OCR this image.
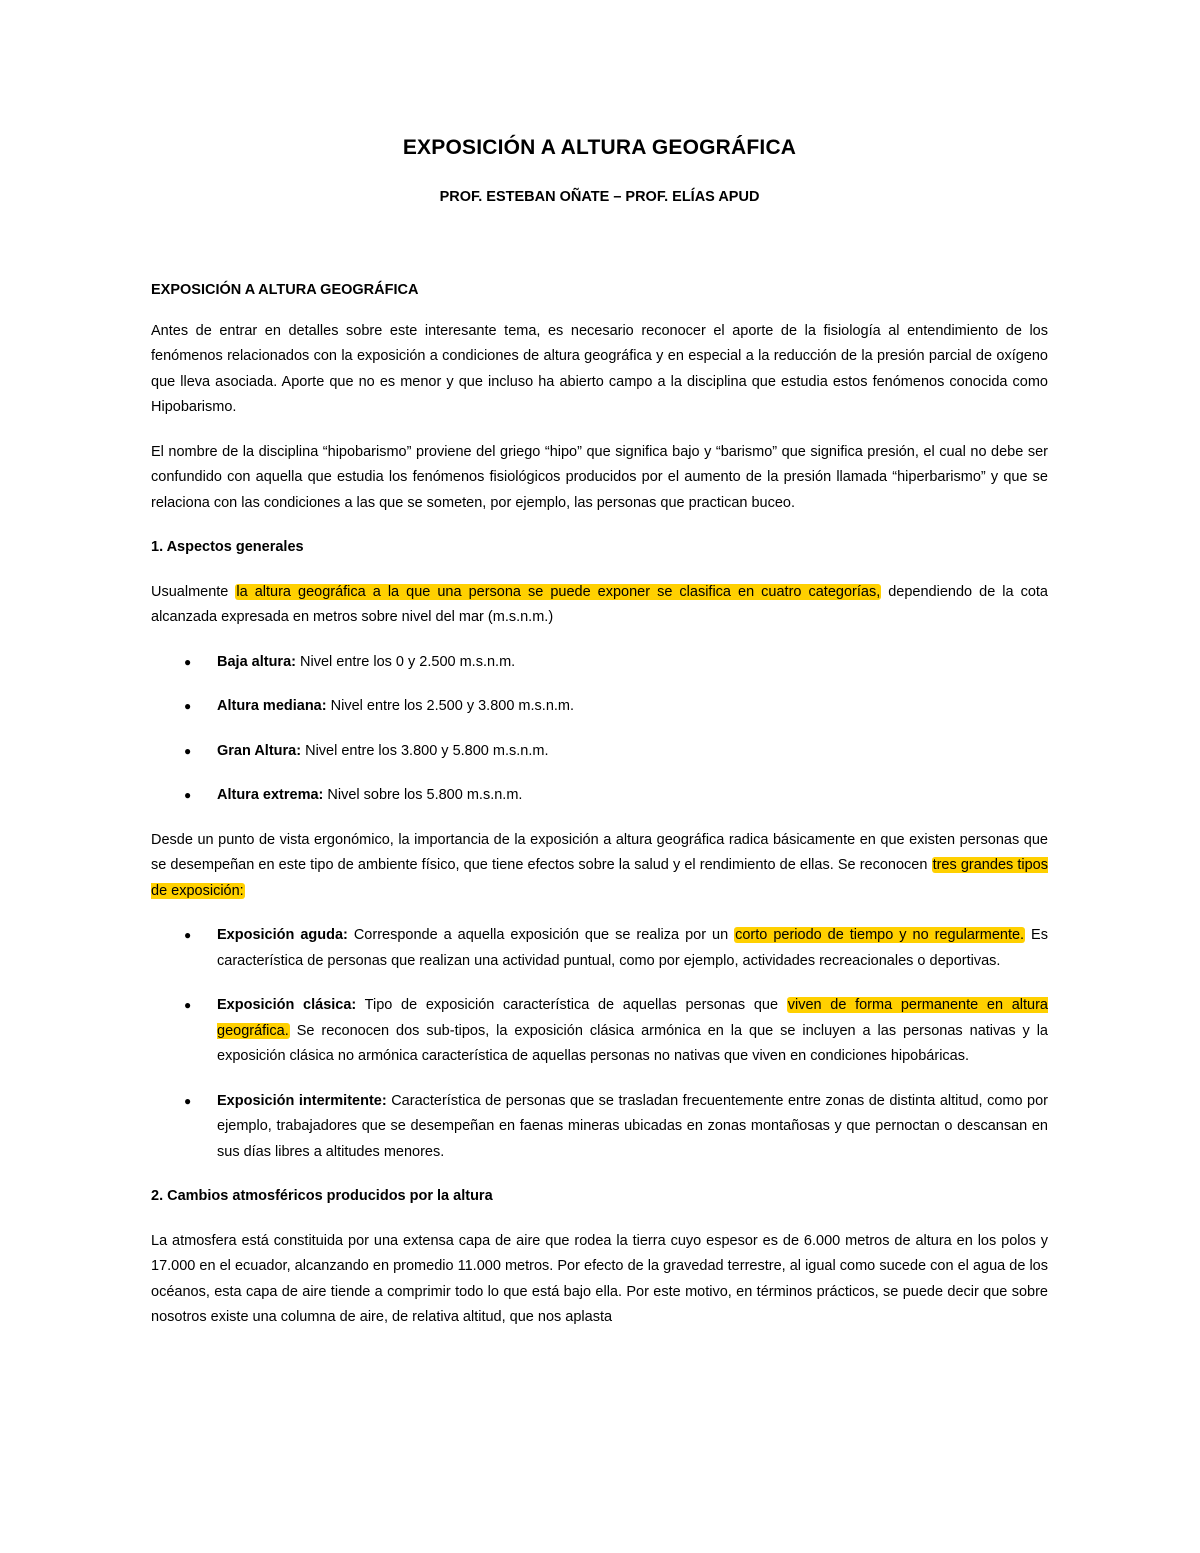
EXPOSICIÓN A ALTURA GEOGRÁFICA
PROF. ESTEBAN OÑATE – PROF. ELÍAS APUD

EXPOSICIÓN A ALTURA GEOGRÁFICA

Antes de entrar en detalles sobre este interesante tema, es necesario reconocer el aporte de la fisiología al entendimiento de los fenómenos relacionados con la exposición a condiciones de altura geográfica y en especial a la reducción de la presión parcial de oxígeno que lleva asociada. Aporte que no es menor y que incluso ha abierto campo a la disciplina que estudia estos fenómenos conocida como Hipobarismo.

El nombre de la disciplina “hipobarismo” proviene del griego “hipo” que significa bajo y “barismo” que significa presión, el cual no debe ser confundido con aquella que estudia los fenómenos fisiológicos producidos por el aumento de la presión llamada “hiperbarismo” y que se relaciona con las condiciones a las que se someten, por ejemplo, las personas que practican buceo.

1. Aspectos generales

Usualmente la altura geográfica a la que una persona se puede exponer se clasifica en cuatro categorías, dependiendo de la cota alcanzada expresada en metros sobre nivel del mar (m.s.n.m.)

● Baja altura: Nivel entre los 0 y 2.500 m.s.n.m.
● Altura mediana: Nivel entre los 2.500 y 3.800 m.s.n.m.
● Gran Altura: Nivel entre los 3.800 y 5.800 m.s.n.m.
● Altura extrema: Nivel sobre los 5.800 m.s.n.m.

Desde un punto de vista ergonómico, la importancia de la exposición a altura geográfica radica básicamente en que existen personas que se desempeñan en este tipo de ambiente físico, que tiene efectos sobre la salud y el rendimiento de ellas. Se reconocen tres grandes tipos de exposición:

● Exposición aguda: Corresponde a aquella exposición que se realiza por un corto periodo de tiempo y no regularmente. Es característica de personas que realizan una actividad puntual, como por ejemplo, actividades recreacionales o deportivas.
● Exposición clásica: Tipo de exposición característica de aquellas personas que viven de forma permanente en altura geográfica. Se reconocen dos sub-tipos, la exposición clásica armónica en la que se incluyen a las personas nativas y la exposición clásica no armónica característica de aquellas personas no nativas que viven en condiciones hipobáricas.
● Exposición intermitente: Característica de personas que se trasladan frecuentemente entre zonas de distinta altitud, como por ejemplo, trabajadores que se desempeñan en faenas mineras ubicadas en zonas montañosas y que pernoctan o descansan en sus días libres a altitudes menores.

2. Cambios atmosféricos producidos por la altura

La atmosfera está constituida por una extensa capa de aire que rodea la tierra cuyo espesor es de 6.000 metros de altura en los polos y 17.000 en el ecuador, alcanzando en promedio 11.000 metros. Por efecto de la gravedad terrestre, al igual como sucede con el agua de los océanos, esta capa de aire tiende a comprimir todo lo que está bajo ella. Por este motivo, en términos prácticos, se puede decir que sobre nosotros existe una columna de aire, de relativa altitud, que nos aplasta
